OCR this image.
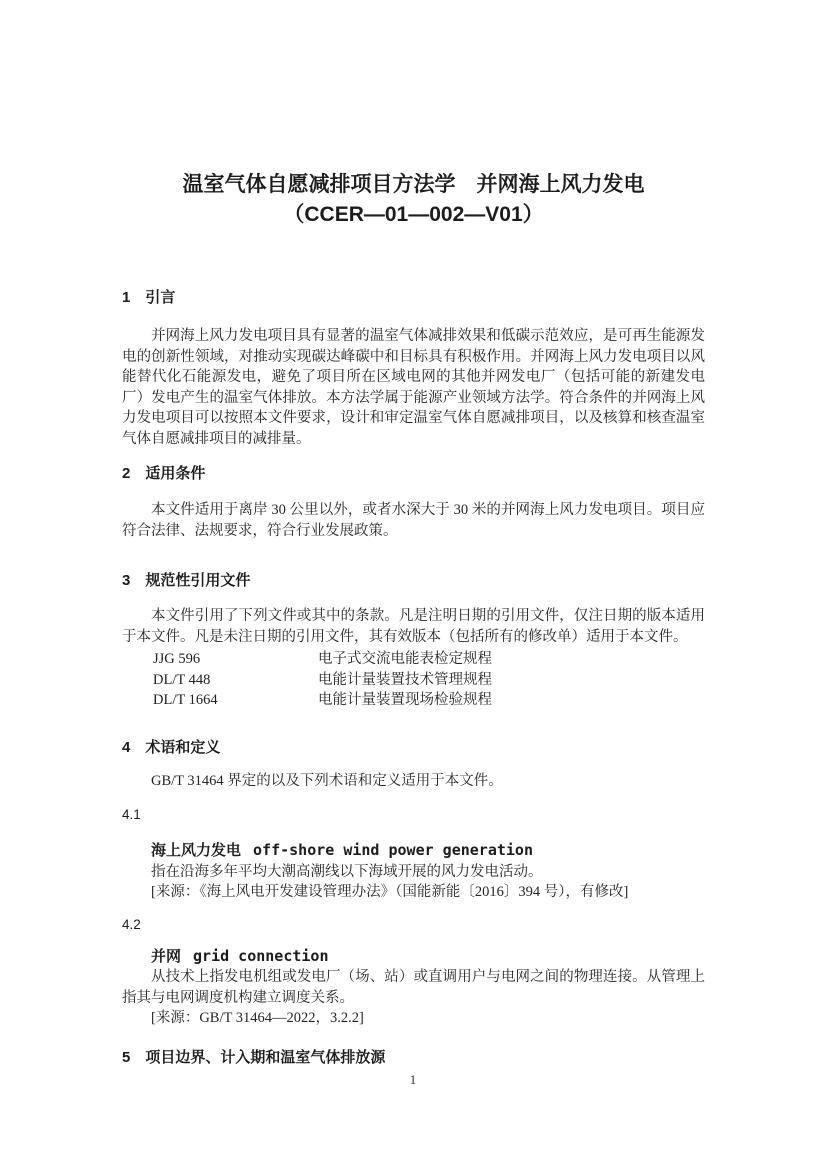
温室气体自愿减排项目方法学　并网海上风力发电
（CCER—01—002—V01）
1　引言

并网海上风力发电项目具有显著的温室气体减排效果和低碳示范效应，是可再生能源发电的创新性领域，对推动实现碳达峰碳中和目标具有积极作用。并网海上风力发电项目以风能替代化石能源发电，避免了项目所在区域电网的其他并网发电厂（包括可能的新建发电厂）发电产生的温室气体排放。本方法学属于能源产业领域方法学。符合条件的并网海上风力发电项目可以按照本文件要求，设计和审定温室气体自愿减排项目，以及核算和核查温室气体自愿减排项目的减排量。

2　适用条件

本文件适用于离岸 30 公里以外，或者水深大于 30 米的并网海上风力发电项目。项目应符合法律、法规要求，符合行业发展政策。

3　规范性引用文件

本文件引用了下列文件或其中的条款。凡是注明日期的引用文件，仅注日期的版本适用于本文件。凡是未注日期的引用文件，其有效版本（包括所有的修改单）适用于本文件。

JJG 596	电子式交流电能表检定规程
DL/T 448	电能计量装置技术管理规程
DL/T 1664	电能计量装置现场检验规程
4　术语和定义

GB/T 31464 界定的以及下列术语和定义适用于本文件。

4.1
海上风力发电 off-shore wind power generation

指在沿海多年平均大潮高潮线以下海域开展的风力发电活动。

[来源：《海上风电开发建设管理办法》（国能新能〔2016〕394 号），有修改]

4.2
并网 grid connection

从技术上指发电机组或发电厂（场、站）或直调用户与电网之间的物理连接。从管理上指其与电网调度机构建立调度关系。

[来源：GB/T 31464—2022，3.2.2]

5　项目边界、计入期和温室气体排放源
1
